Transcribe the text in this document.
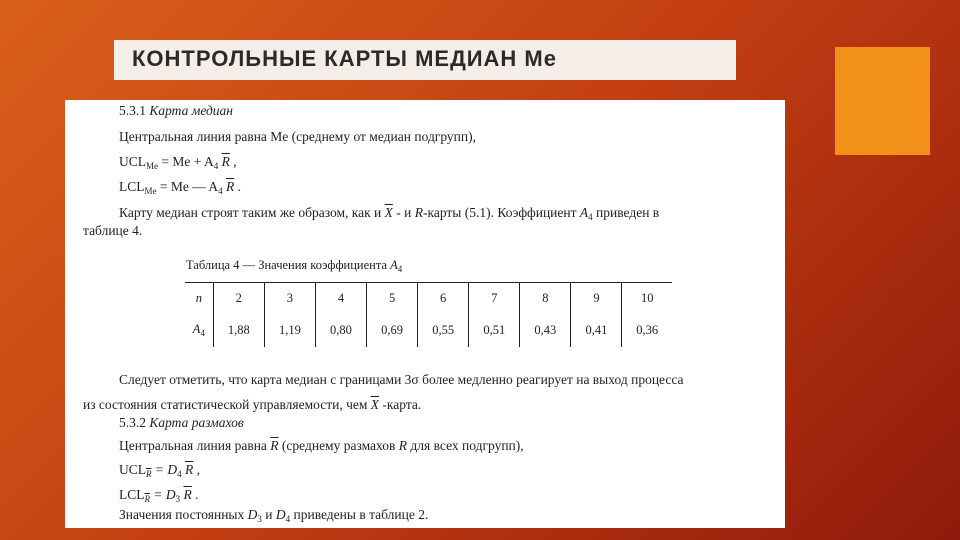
КОНТРОЛЬНЫЕ КАРТЫ МЕДИАН Me
5.3.1 Карта медиан
Центральная линия равна Me (среднему от медиан подгрупп),
$UCL_{Me} = Me + A_4$ $\overline{R}$ ,
$LCL_{Me} = Me$ — $A_4$ $\overline{R}$ .
Карту медиан строят таким же образом, как и $\overline{X}$ - и R-карты (5.1). Коэффициент $A_4$ приведен в
таблице 4.
Таблица 4 — Значения коэффициента $A_4$
n	2	3	4	5	6	7	8	9	10
$A_4$	1,88	1,19	0,80	0,69	0,55	0,51	0,43	0,41	0,36
Следует отметить, что карта медиан с границами 3σ более медленно реагирует на выход процесса
из состояния статистической управляемости, чем $\overline{X}$ -карта.
5.3.2 Карта размахов
Центральная линия равна $\overline{R}$ (среднему размахов R для всех подгрупп),
$UCL_{\overline{R}} = D_4$ $\overline{R}$ ,
$LCL_{\overline{R}} = D_3$ $\overline{R}$ .
Значения постоянных $D_3$ и $D_4$ приведены в таблице 2.
